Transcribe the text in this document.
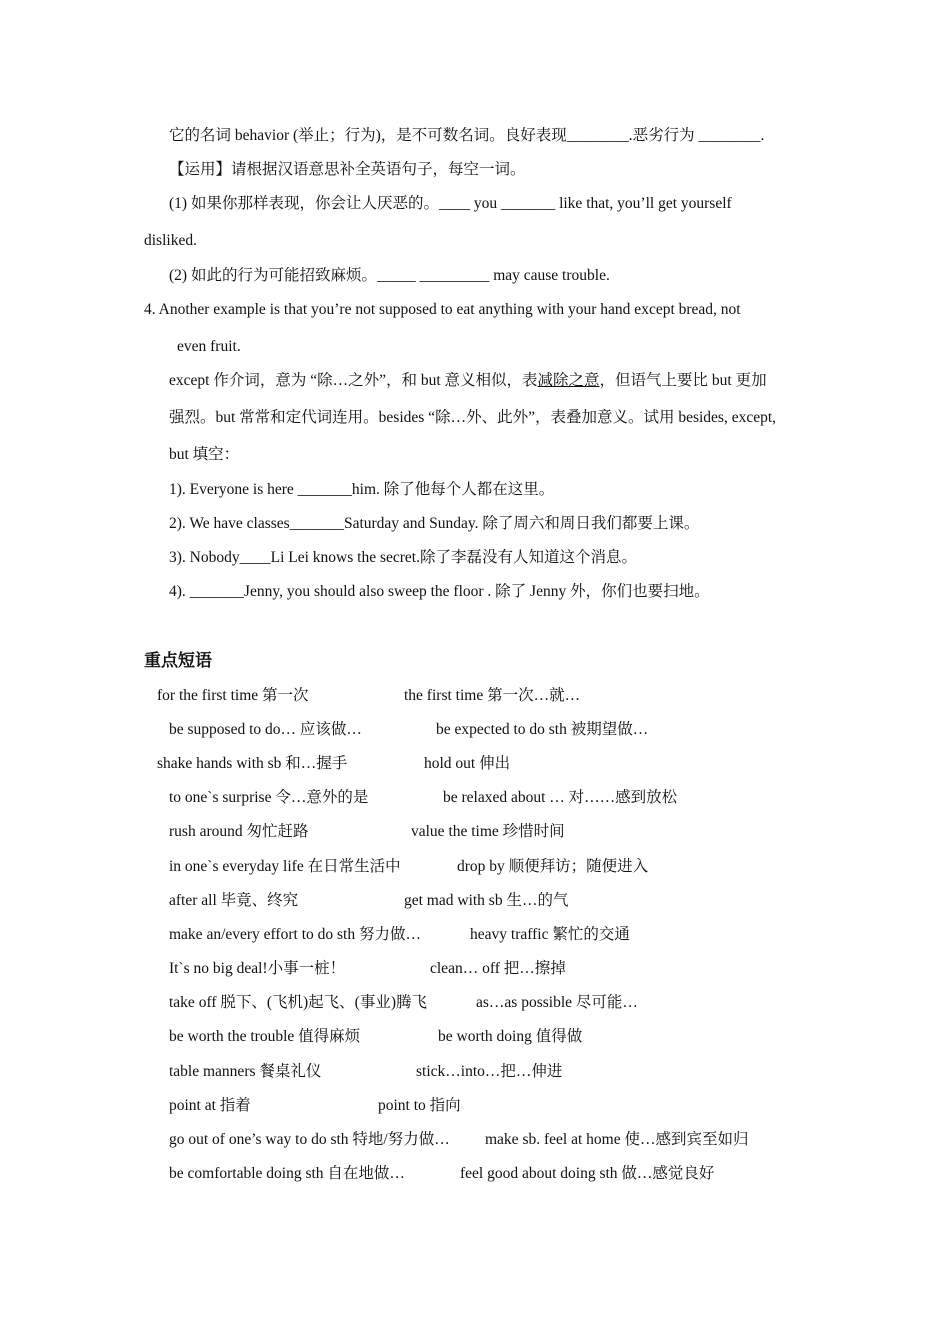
它的名词 behavior (举止；行为)，是不可数名词。良好表现________.恶劣行为 ________.
【运用】请根据汉语意思补全英语句子，每空一词。
(1) 如果你那样表现，你会让人厌恶的。____ you _______ like that, you’ll get yourself
disliked.
(2) 如此的行为可能招致麻烦。_____ _________ may cause trouble.
4. Another example is that you’re not supposed to eat anything with your hand except bread, not
even fruit.
except 作介词，意为 “除…之外”，和 but 意义相似，表减除之意，但语气上要比 but 更加
强烈。but 常常和定代词连用。besides “除…外、此外”，表叠加意义。试用 besides, except,
but 填空：
1). Everyone is here _______him. 除了他每个人都在这里。
2). We have classes_______Saturday and Sunday. 除了周六和周日我们都要上课。
3). Nobody____Li Lei knows the secret.除了李磊没有人知道这个消息。
4). _______Jenny, you should also sweep the floor . 除了 Jenny 外，你们也要扫地。
重点短语
for the first time 第一次	the first time 第一次…就…
be supposed to do… 应该做…	be expected to do sth 被期望做…
shake hands with sb 和…握手	hold out 伸出
to one`s surprise 令…意外的是	be relaxed about … 对……感到放松
rush around 匆忙赶路	value the time 珍惜时间
in one`s everyday life 在日常生活中	drop by 顺便拜访；随便进入
after all 毕竟、终究	get mad with sb 生…的气
make an/every effort to do sth 努力做…	heavy traffic 繁忙的交通
It`s no big deal!小事一桩！	clean… off 把…擦掉
take off 脱下、(飞机)起飞、(事业)腾飞	as…as possible 尽可能…
be worth the trouble 值得麻烦	be worth doing 值得做
table manners 餐桌礼仪	stick…into…把…伸进
point at 指着	point to 指向
go out of one’s way to do sth 特地/努力做… make sb. feel at home 使…感到宾至如归
be comfortable doing sth 自在地做…	feel good about doing sth 做…感觉良好
